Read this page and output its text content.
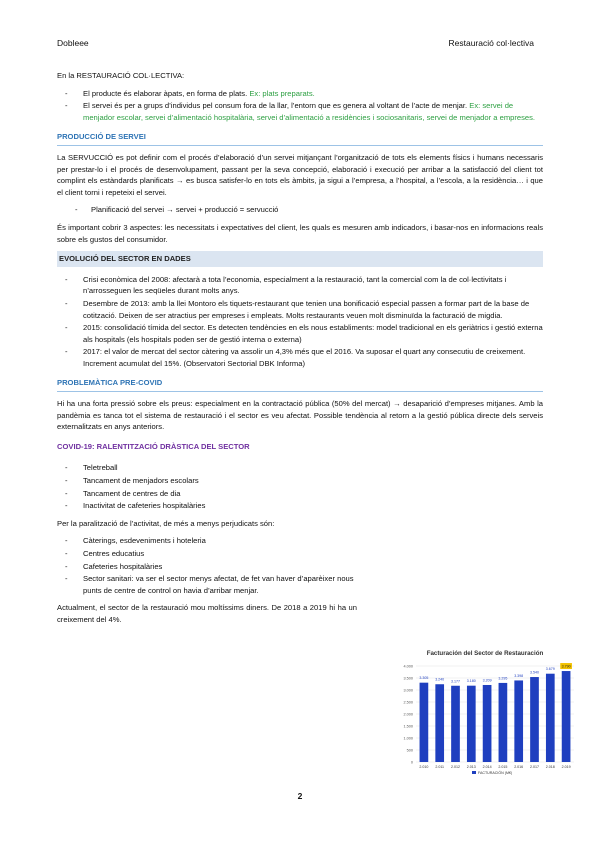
Dobleee	Restauració col·lectiva

En la RESTAURACIÓ COL·LECTIVA:

- El producte és elaborar àpats, en forma de plats. Ex: plats preparats.
- El servei és per a grups d’individus pel consum fora de la llar, l’entorn que es genera al voltant de l’acte de menjar. Ex: servei de menjador escolar, servei d’alimentació hospitalària, servei d’alimentació a residències i sociosanitaris, servei de menjador a empreses.
PRODUCCIÓ DE SERVEI

La SERVUCCIÓ es pot definir com el procés d’elaboració d’un servei mitjançant l’organització de tots els elements físics i humans necessaris per prestar-lo i el procés de desenvolupament, passant per la seva concepció, elaboració i execució per arribar a la satisfacció del client tot complint els estàndards planificats → es busca satisfer-lo en tots els àmbits, ja sigui a l’empresa, a l’hospital, a l’escola, a la residència… i que el client torni i repeteixi el servei.

- Planificació del servei → servei + producció = servucció

És important cobrir 3 aspectes: les necessitats i expectatives del client, les quals es mesuren amb indicadors, i basar-nos en informacions reals sobre els gustos del consumidor.

EVOLUCIÓ DEL SECTOR EN DADES
- Crisi econòmica del 2008: afectarà a tota l’economia, especialment a la restauració, tant la comercial com la de col·lectivitats i n’arrosseguen les seqüeles durant molts anys.
- Desembre de 2013: amb la llei Montoro els tiquets-restaurant que tenien una bonificació especial passen a formar part de la base de cotització. Deixen de ser atractius per empreses i empleats. Molts restaurants veuen molt disminuïda la facturació de migdia.
- 2015: consolidació tímida del sector. Es detecten tendències en els nous establiments: model tradicional en els geriàtrics i gestió externa als hospitals (els hospitals poden ser de gestió interna o externa)
- 2017: el valor de mercat del sector càtering va assolir un 4,3% més que el 2016. Va suposar el quart any consecutiu de creixement. Increment acumulat del 15%. (Observatori Sectorial DBK Informa)
PROBLEMÀTICA PRE-COVID

Hi ha una forta pressió sobre els preus: especialment en la contractació pública (50% del mercat) → desaparició d’empreses mitjanes. Amb la pandèmia es tanca tot el sistema de restauració i el sector es veu afectat. Possible tendència al retorn a la gestió pública directe dels serveis externalitzats en anys anteriors.

COVID-19: RALENTITZACIÓ DRÀSTICA DEL SECTOR
- Teletreball
- Tancament de menjadors escolars
- Tancament de centres de dia
- Inactivitat de cafeteries hospitalàries

Per la paralització de l’activitat, de més a menys perjudicats són:

- Càterings, esdeveniments i hoteleria
- Centres educatius
- Cafeteries hospitalàries
- Sector sanitari: va ser el sector menys afectat, de fet van haver d’aparèixer nous punts de centre de control on havia d’arribar menjar.

Actualment, el sector de la restauració mou moltíssims diners. De 2018 a 2019 hi ha un creixement del 4%.

Facturación del Sector de Restauración
0
500
1.000
1.500
2.000
2.500
3.000
3.500
4.000
3.305
2.010
3.240
2.011
3.177
2.012
3.180
2.013
3.209
2.014
3.295
2.015
3.398
2.016
3.540
2.017
3.679
2.018
3.790
2.019
FACTURACIÓN (M€)
2
